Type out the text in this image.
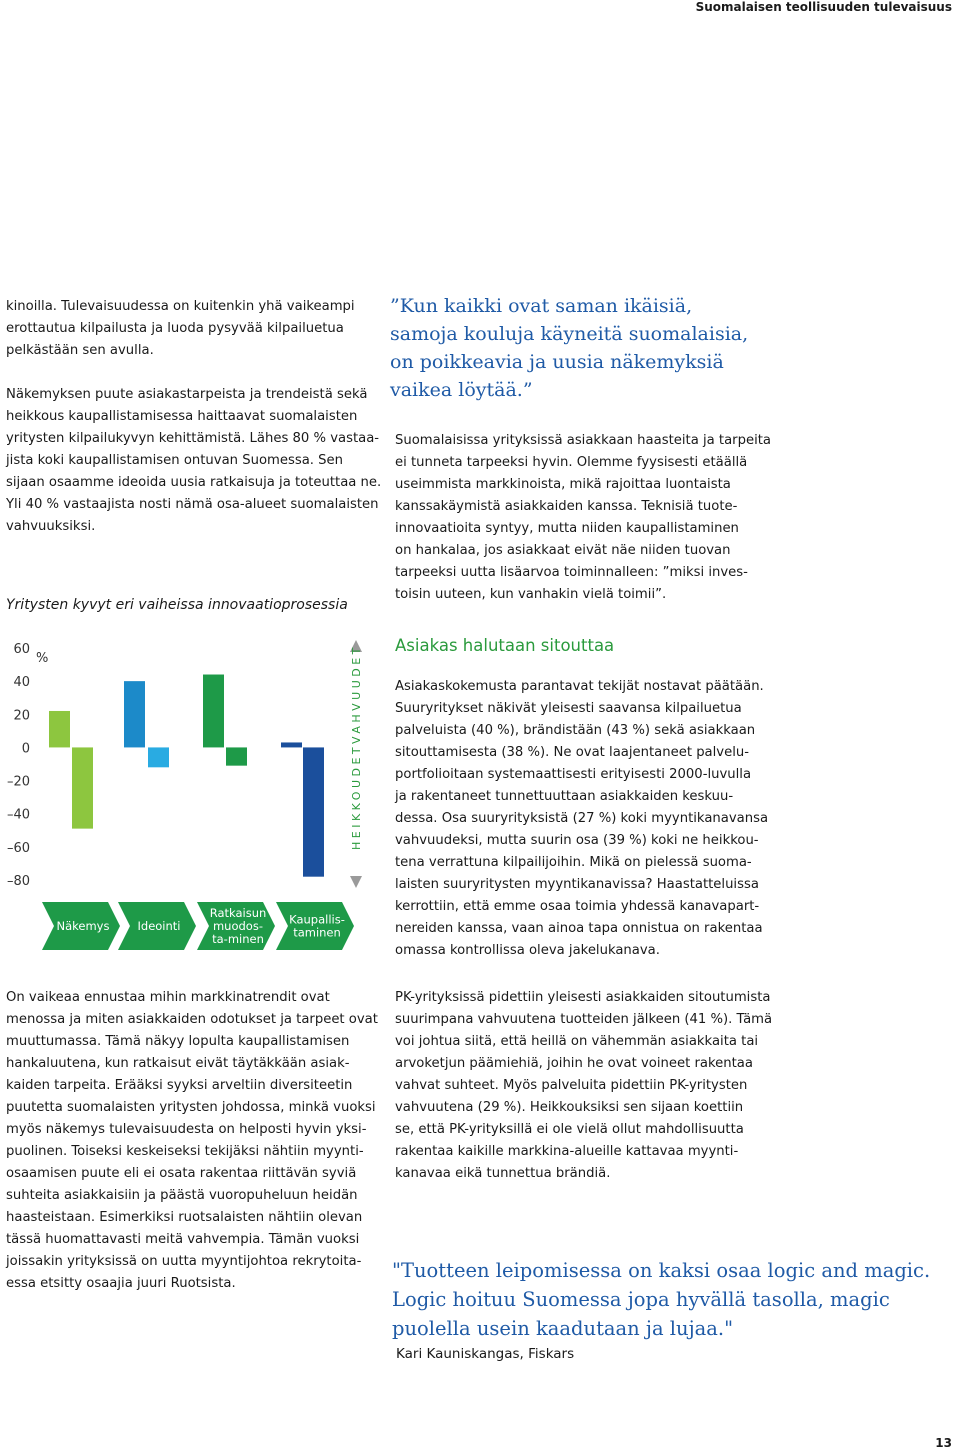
Suomalaisen teollisuuden tulevaisuus
kinoilla. Tulevaisuudessa on kuitenkin yhä vaikeampi
erottautua kilpailusta ja luoda pysyvää kilpailuetua
pelkästään sen avulla.

Näkemyksen puute asiakastarpeista ja trendeistä sekä
heikkous kaupallistamisessa haittaavat suomalaisten
yritysten kilpailukyvyn kehittämistä. Lähes 80 % vastaa-
jista koki kaupallistamisen ontuvan Suomessa. Sen
sijaan osaamme ideoida uusia ratkaisuja ja toteuttaa ne.
Yli 40 % vastaajista nosti nämä osa-alueet suomalaisten
vahvuuksiksi.
Yritysten kyvyt eri vaiheissa innovaatioprosessia
60
40
20
0
–20
–40
–60
–80
%	VAHVUUDET
HEIKKOUDET
Näkemys Ideointi
Ratkaisun
muodos-
ta-minen
Kaupallis-
taminen
On vaikeaa ennustaa mihin markkinatrendit ovat
menossa ja miten asiakkaiden odotukset ja tarpeet ovat
muuttumassa. Tämä näkyy lopulta kaupallistamisen
hankaluutena, kun ratkaisut eivät täytäkkään asiak-
kaiden tarpeita. Erääksi syyksi arveltiin diversiteetin
puutetta suomalaisten yritysten johdossa, minkä vuoksi
myös näkemys tulevaisuudesta on helposti hyvin yksi-
puolinen. Toiseksi keskeiseksi tekijäksi nähtiin myynti-
osaamisen puute eli ei osata rakentaa riittävän syviä
suhteita asiakkaisiin ja päästä vuoropuheluun heidän
haasteistaan. Esimerkiksi ruotsalaisten nähtiin olevan
tässä huomattavasti meitä vahvempia. Tämän vuoksi
joissakin yrityksissä on uutta myyntijohtoa rekrytoita-
essa etsitty osaajia juuri Ruotsista.
”Kun kaikki ovat saman ikäisiä,
samoja kouluja käyneitä suomalaisia,
on poikkeavia ja uusia näkemyksiä
vaikea löytää.”
Suomalaisissa yrityksissä asiakkaan haasteita ja tarpeita
ei tunneta tarpeeksi hyvin. Olemme fyysisesti etäällä
useimmista markkinoista, mikä rajoittaa luontaista
kanssakäymistä asiakkaiden kanssa. Teknisiä tuote-
innovaatioita syntyy, mutta niiden kaupallistaminen
on hankalaa, jos asiakkaat eivät näe niiden tuovan
tarpeeksi uutta lisäarvoa toiminnalleen: ”miksi inves-
toisin uuteen, kun vanhakin vielä toimii”.
Asiakas halutaan sitouttaa
Asiakaskokemusta parantavat tekijät nostavat päätään.
Suuryritykset näkivät yleisesti saavansa kilpailuetua
palveluista (40 %), brändistään (43 %) sekä asiakkaan
sitouttamisesta (38 %). Ne ovat laajentaneet palvelu-
portfolioitaan systemaattisesti erityisesti 2000-luvulla
ja rakentaneet tunnettuuttaan asiakkaiden keskuu-
dessa. Osa suuryrityksistä (27 %) koki myyntikanavansa
vahvuudeksi, mutta suurin osa (39 %) koki ne heikkou-
tena verrattuna kilpailijoihin. Mikä on pielessä suoma-
laisten suuryritysten myyntikanavissa? Haastatteluissa
kerrottiin, että emme osaa toimia yhdessä kanavapart-
nereiden kanssa, vaan ainoa tapa onnistua on rakentaa
omassa kontrollissa oleva jakelukanava.
PK-yrityksissä pidettiin yleisesti asiakkaiden sitoutumista
suurimpana vahvuutena tuotteiden jälkeen (41 %). Tämä
voi johtua siitä, että heillä on vähemmän asiakkaita tai
arvoketjun päämiehiä, joihin he ovat voineet rakentaa
vahvat suhteet. Myös palveluita pidettiin PK-yritysten
vahvuutena (29 %). Heikkouksiksi sen sijaan koettiin
se, että PK-yrityksillä ei ole vielä ollut mahdollisuutta
rakentaa kaikille markkina-alueille kattavaa myynti-
kanavaa eikä tunnettua brändiä.
"Tuotteen leipomisessa on kaksi osaa logic and magic.
Logic hoituu Suomessa jopa hyvällä tasolla, magic
puolella usein kaadutaan ja lujaa."
Kari Kauniskangas, Fiskars
13
